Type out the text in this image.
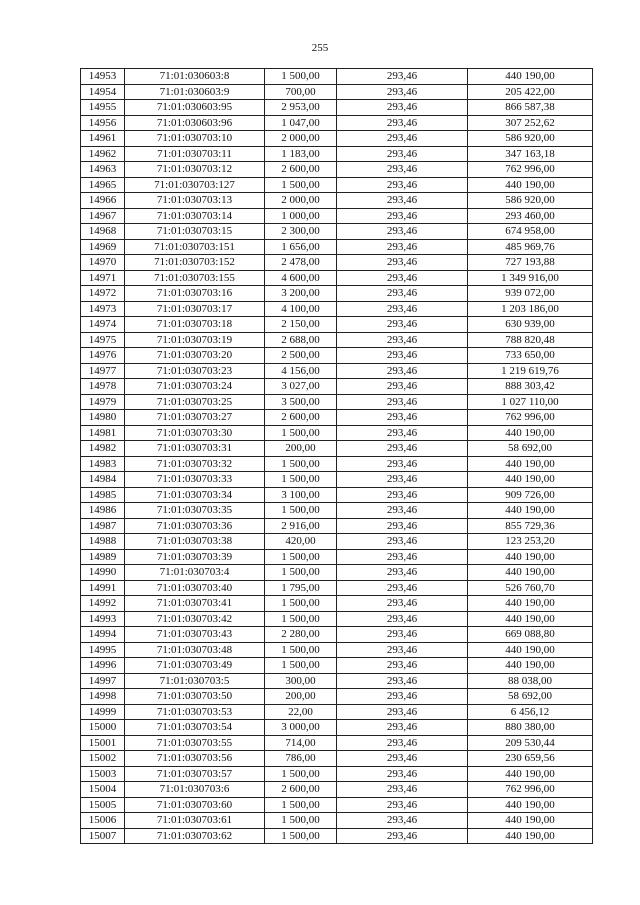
255
14953	71:01:030603:8	1 500,00	293,46	440 190,00
14954	71:01:030603:9	700,00	293,46	205 422,00
14955	71:01:030603:95	2 953,00	293,46	866 587,38
14956	71:01:030603:96	1 047,00	293,46	307 252,62
14961	71:01:030703:10	2 000,00	293,46	586 920,00
14962	71:01:030703:11	1 183,00	293,46	347 163,18
14963	71:01:030703:12	2 600,00	293,46	762 996,00
14965	71:01:030703:127	1 500,00	293,46	440 190,00
14966	71:01:030703:13	2 000,00	293,46	586 920,00
14967	71:01:030703:14	1 000,00	293,46	293 460,00
14968	71:01:030703:15	2 300,00	293,46	674 958,00
14969	71:01:030703:151	1 656,00	293,46	485 969,76
14970	71:01:030703:152	2 478,00	293,46	727 193,88
14971	71:01:030703:155	4 600,00	293,46	1 349 916,00
14972	71:01:030703:16	3 200,00	293,46	939 072,00
14973	71:01:030703:17	4 100,00	293,46	1 203 186,00
14974	71:01:030703:18	2 150,00	293,46	630 939,00
14975	71:01:030703:19	2 688,00	293,46	788 820,48
14976	71:01:030703:20	2 500,00	293,46	733 650,00
14977	71:01:030703:23	4 156,00	293,46	1 219 619,76
14978	71:01:030703:24	3 027,00	293,46	888 303,42
14979	71:01:030703:25	3 500,00	293,46	1 027 110,00
14980	71:01:030703:27	2 600,00	293,46	762 996,00
14981	71:01:030703:30	1 500,00	293,46	440 190,00
14982	71:01:030703:31	200,00	293,46	58 692,00
14983	71:01:030703:32	1 500,00	293,46	440 190,00
14984	71:01:030703:33	1 500,00	293,46	440 190,00
14985	71:01:030703:34	3 100,00	293,46	909 726,00
14986	71:01:030703:35	1 500,00	293,46	440 190,00
14987	71:01:030703:36	2 916,00	293,46	855 729,36
14988	71:01:030703:38	420,00	293,46	123 253,20
14989	71:01:030703:39	1 500,00	293,46	440 190,00
14990	71:01:030703:4	1 500,00	293,46	440 190,00
14991	71:01:030703:40	1 795,00	293,46	526 760,70
14992	71:01:030703:41	1 500,00	293,46	440 190,00
14993	71:01:030703:42	1 500,00	293,46	440 190,00
14994	71:01:030703:43	2 280,00	293,46	669 088,80
14995	71:01:030703:48	1 500,00	293,46	440 190,00
14996	71:01:030703:49	1 500,00	293,46	440 190,00
14997	71:01:030703:5	300,00	293,46	88 038,00
14998	71:01:030703:50	200,00	293,46	58 692,00
14999	71:01:030703:53	22,00	293,46	6 456,12
15000	71:01:030703:54	3 000,00	293,46	880 380,00
15001	71:01:030703:55	714,00	293,46	209 530,44
15002	71:01:030703:56	786,00	293,46	230 659,56
15003	71:01:030703:57	1 500,00	293,46	440 190,00
15004	71:01:030703:6	2 600,00	293,46	762 996,00
15005	71:01:030703:60	1 500,00	293,46	440 190,00
15006	71:01:030703:61	1 500,00	293,46	440 190,00
15007	71:01:030703:62	1 500,00	293,46	440 190,00
